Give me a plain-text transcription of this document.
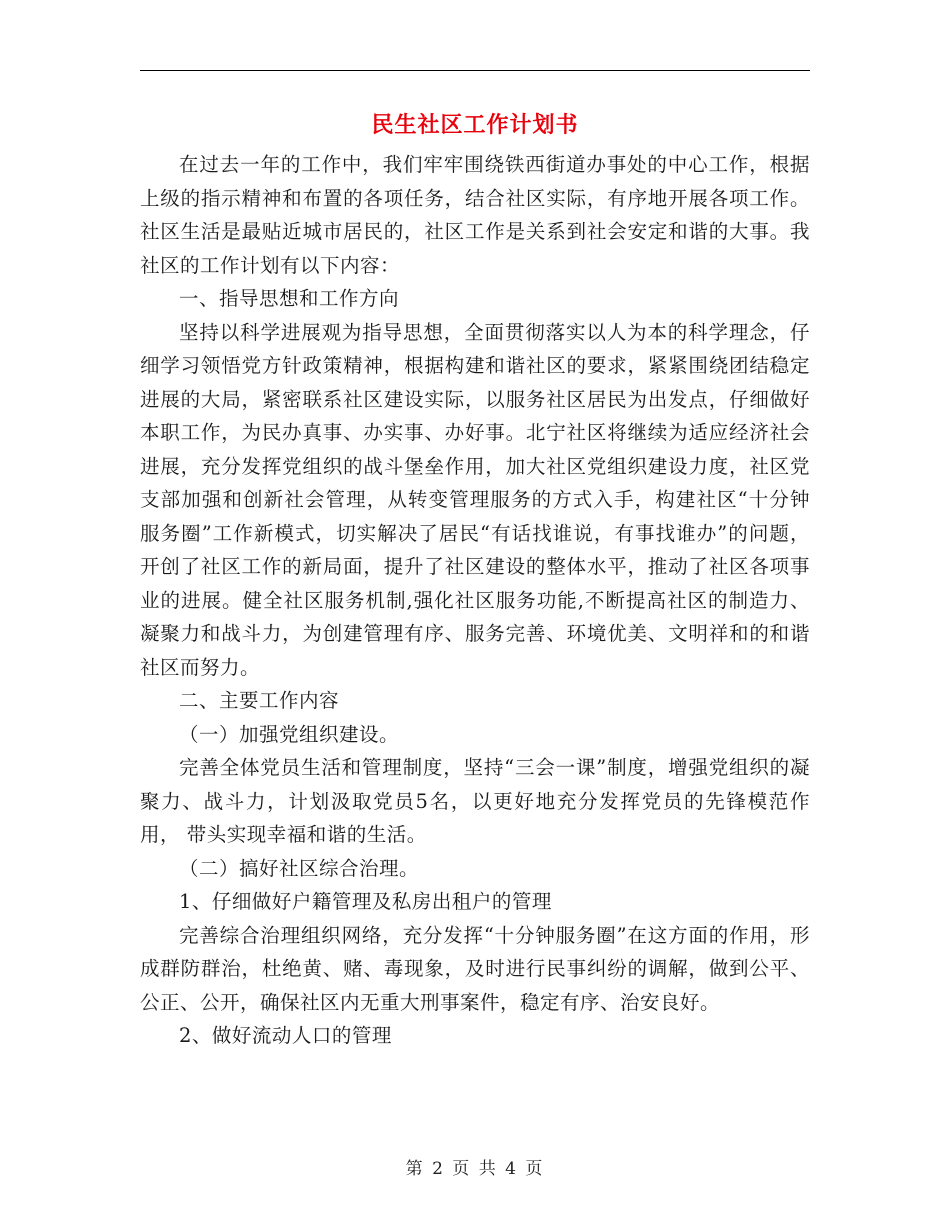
民生社区工作计划书

在过去一年的工作中，我们牢牢围绕铁西街道办事处的中心工作，根据上级的指示精神和布置的各项任务，结合社区实际，有序地开展各项工作。社区生活是最贴近城市居民的，社区工作是关系到社会安定和谐的大事。我社区的工作计划有以下内容：

一、指导思想和工作方向

坚持以科学进展观为指导思想，全面贯彻落实以人为本的科学理念，仔细学习领悟党方针政策精神，根据构建和谐社区的要求，紧紧围绕团结稳定进展的大局，紧密联系社区建设实际，以服务社区居民为出发点，仔细做好本职工作，为民办真事、办实事、办好事。北宁社区将继续为适应经济社会进展，充分发挥党组织的战斗堡垒作用，加大社区党组织建设力度，社区党支部加强和创新社会管理，从转变管理服务的方式入手，构建社区“十分钟服务圈”工作新模式，切实解决了居民“有话找谁说，有事找谁办”的问题，开创了社区工作的新局面，提升了社区建设的整体水平，推动了社区各项事业的进展。健全社区服务机制,强化社区服务功能,不断提高社区的制造力、凝聚力和战斗力，为创建管理有序、服务完善、环境优美、文明祥和的和谐社区而努力。

二、主要工作内容

（一）加强党组织建设。

完善全体党员生活和管理制度，坚持“三会一课”制度，增强党组织的凝聚力、战斗力，计划汲取党员5名，以更好地充分发挥党员的先锋模范作用， 带头实现幸福和谐的生活。

（二）搞好社区综合治理。

1、仔细做好户籍管理及私房出租户的管理

完善综合治理组织网络，充分发挥“十分钟服务圈”在这方面的作用，形成群防群治，杜绝黄、赌、毒现象，及时进行民事纠纷的调解，做到公平、公正、公开，确保社区内无重大刑事案件，稳定有序、治安良好。

2、做好流动人口的管理

第 2 页 共 4 页
